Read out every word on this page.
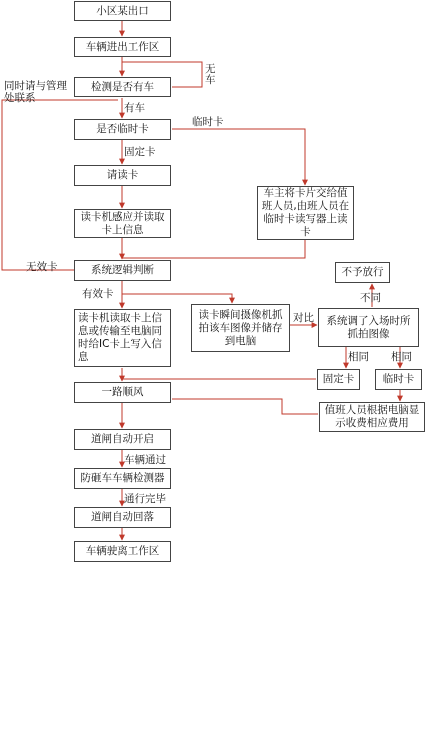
小区某出口
车辆进出工作区
检测是否有车
是否临时卡
请读卡
读卡机感应并读取卡上信息
系统逻辑判断
读卡机读取卡上信息或传输至电脑同时给IC卡上写入信息
一路顺风
道闸自动开启
防砸车车辆检测器
道闸自动回落
车辆驶离工作区
车主将卡片交给值班人员,由班人员在临时卡读写器上读卡
读卡瞬间摄像机抓拍该车图像并储存到电脑
系统调了入场时所抓拍图像
不予放行
固定卡	临时卡
值班人员根据电脑显示收费相应费用
无车
同时请与管理处联系
有车
临时卡
固定卡
无效卡
有效卡
对比
不同
相同 相同
车辆通过
通行完毕
